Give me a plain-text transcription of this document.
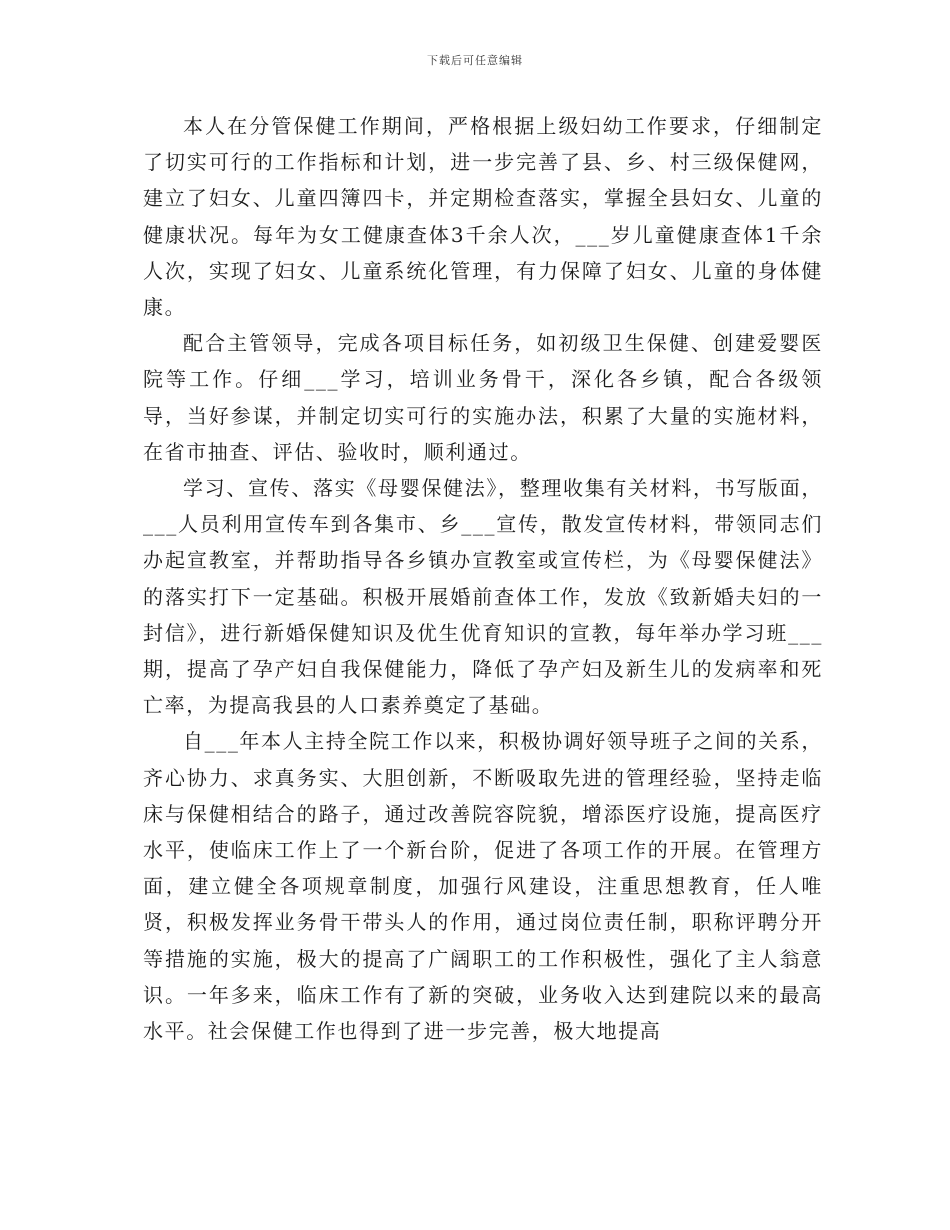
下载后可任意编辑

本人在分管保健工作期间，严格根据上级妇幼工作要求，仔细制定了切实可行的工作指标和计划，进一步完善了县、乡、村三级保健网，建立了妇女、儿童四簿四卡，并定期检查落实，掌握全县妇女、儿童的健康状况。每年为女工健康查体3千余人次，___岁儿童健康查体1千余人次，实现了妇女、儿童系统化管理，有力保障了妇女、儿童的身体健康。

配合主管领导，完成各项目标任务，如初级卫生保健、创建爱婴医院等工作。仔细___学习，培训业务骨干，深化各乡镇，配合各级领导，当好参谋，并制定切实可行的实施办法，积累了大量的实施材料，在省市抽查、评估、验收时，顺利通过。

学习、宣传、落实《母婴保健法》，整理收集有关材料，书写版面，___人员利用宣传车到各集市、乡___宣传，散发宣传材料，带领同志们办起宣教室，并帮助指导各乡镇办宣教室或宣传栏，为《母婴保健法》的落实打下一定基础。积极开展婚前查体工作，发放《致新婚夫妇的一封信》，进行新婚保健知识及优生优育知识的宣教，每年举办学习班___期，提高了孕产妇自我保健能力，降低了孕产妇及新生儿的发病率和死亡率，为提高我县的人口素养奠定了基础。

自___年本人主持全院工作以来，积极协调好领导班子之间的关系，齐心协力、求真务实、大胆创新，不断吸取先进的管理经验，坚持走临床与保健相结合的路子，通过改善院容院貌，增添医疗设施，提高医疗水平，使临床工作上了一个新台阶，促进了各项工作的开展。在管理方面，建立健全各项规章制度，加强行风建设，注重思想教育，任人唯贤，积极发挥业务骨干带头人的作用，通过岗位责任制，职称评聘分开等措施的实施，极大的提高了广阔职工的工作积极性，强化了主人翁意识。一年多来，临床工作有了新的突破，业务收入达到建院以来的最高水平。社会保健工作也得到了进一步完善，极大地提高
